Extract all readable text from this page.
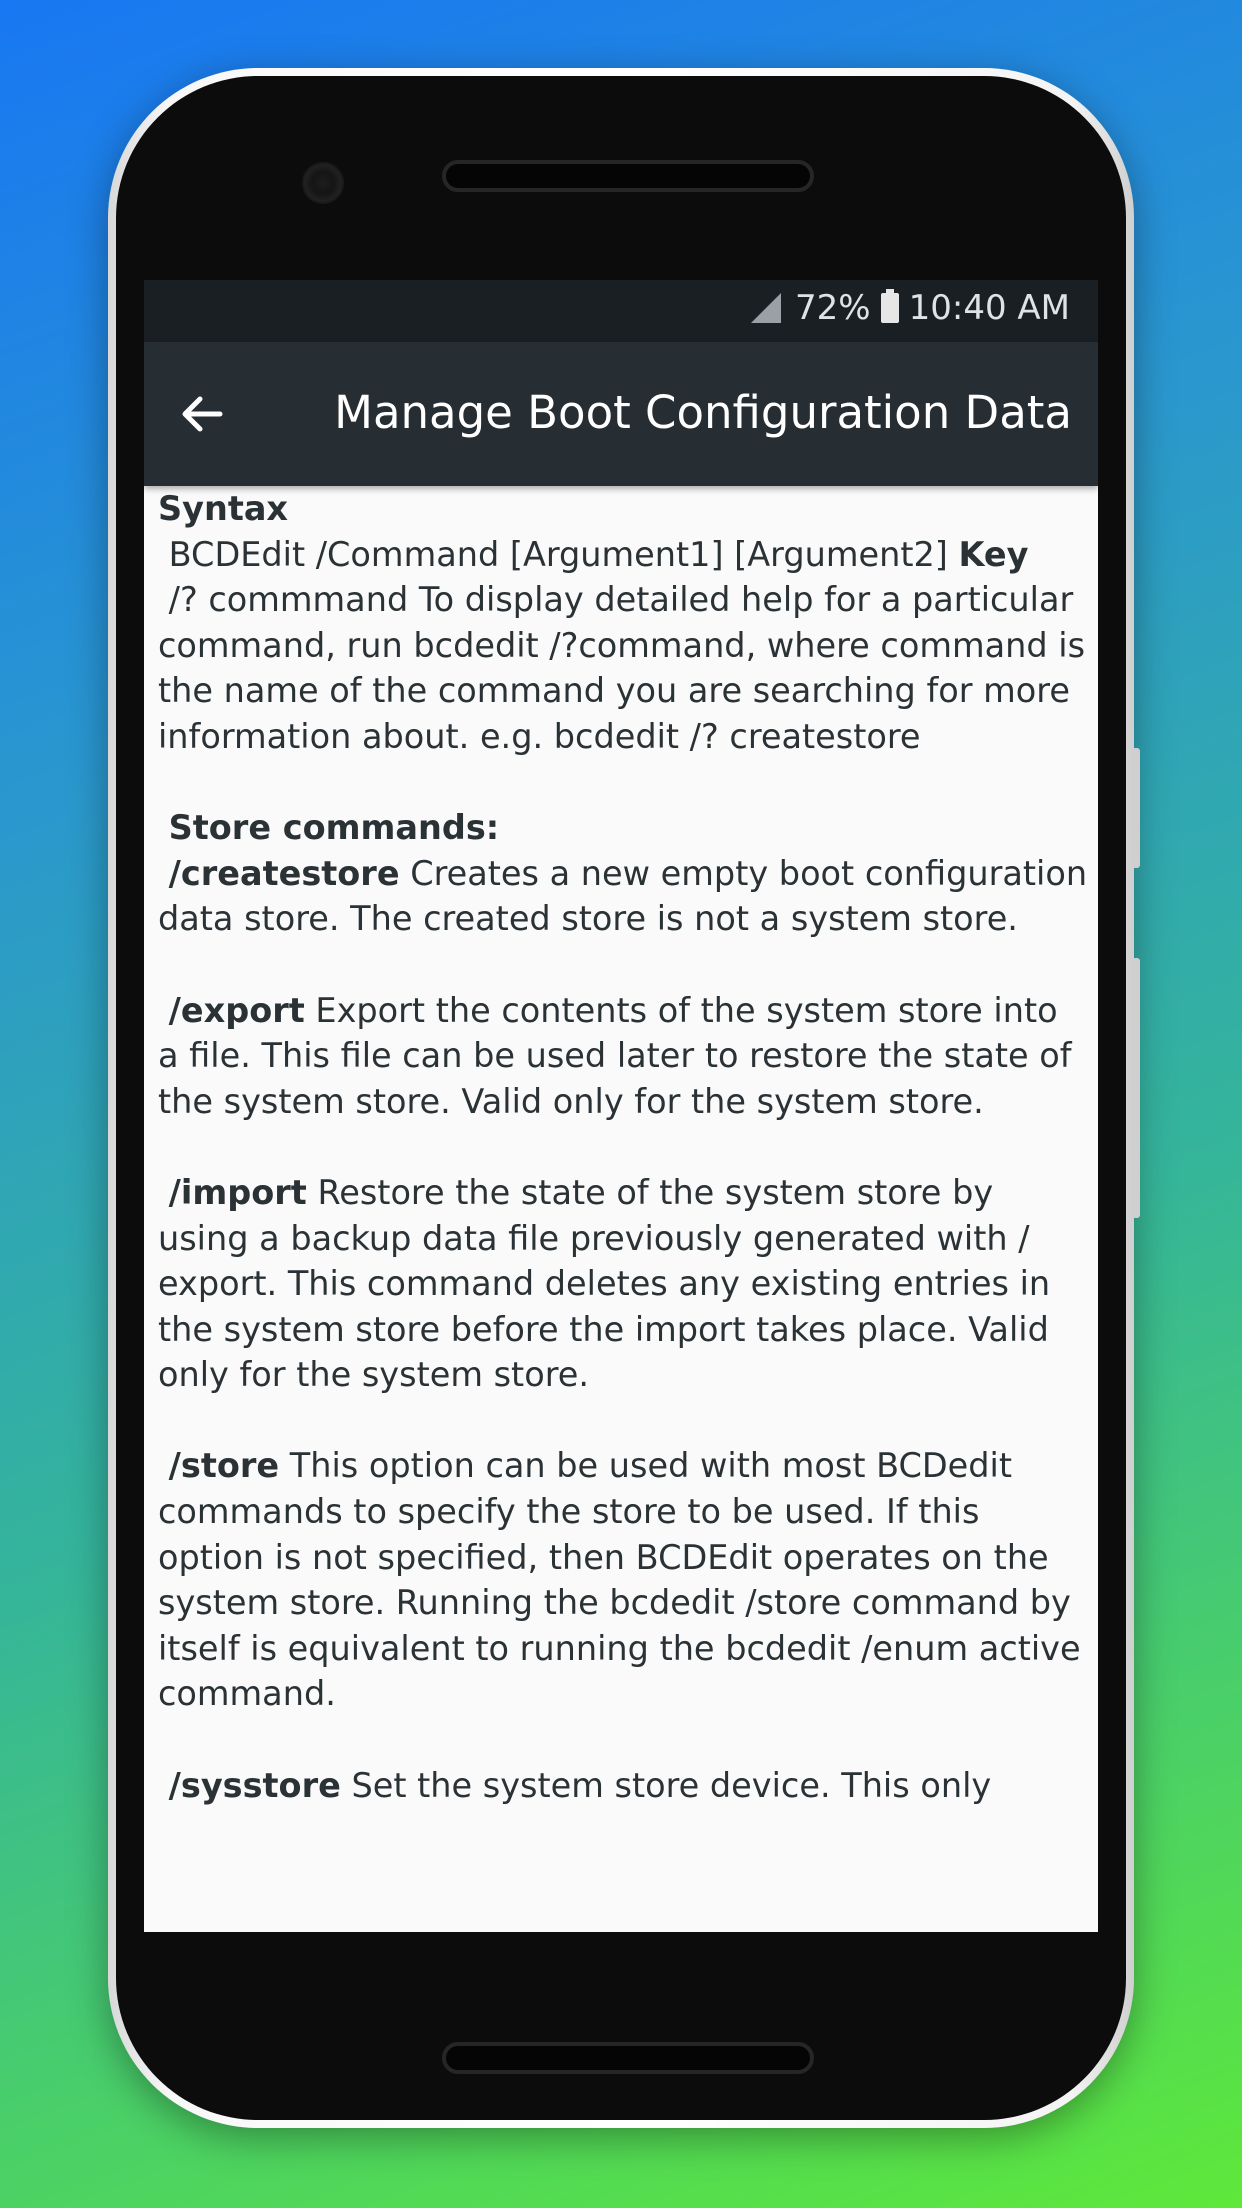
72% 10:40 AM
Manage Boot Configuration Data

Syntax
BCDEdit /Command [Argument1] [Argument2] Key
/? commmand To display detailed help for a particular command, run bcdedit /?command, where command is the name of the command you are searching for more information about. e.g. bcdedit /? createstore

Store commands:
/createstore Creates a new empty boot configuration data store. The created store is not a system store.

/export Export the contents of the system store into a file. This file can be used later to restore the state of the system store. Valid only for the system store.

/import Restore the state of the system store by using a backup data file previously generated with / export. This command deletes any existing entries in the system store before the import takes place. Valid only for the system store.

/store This option can be used with most BCDedit commands to specify the store to be used. If this option is not specified, then BCDEdit operates on the system store. Running the bcdedit /store command by itself is equivalent to running the bcdedit /enum active command.

/sysstore Set the system store device. This only
